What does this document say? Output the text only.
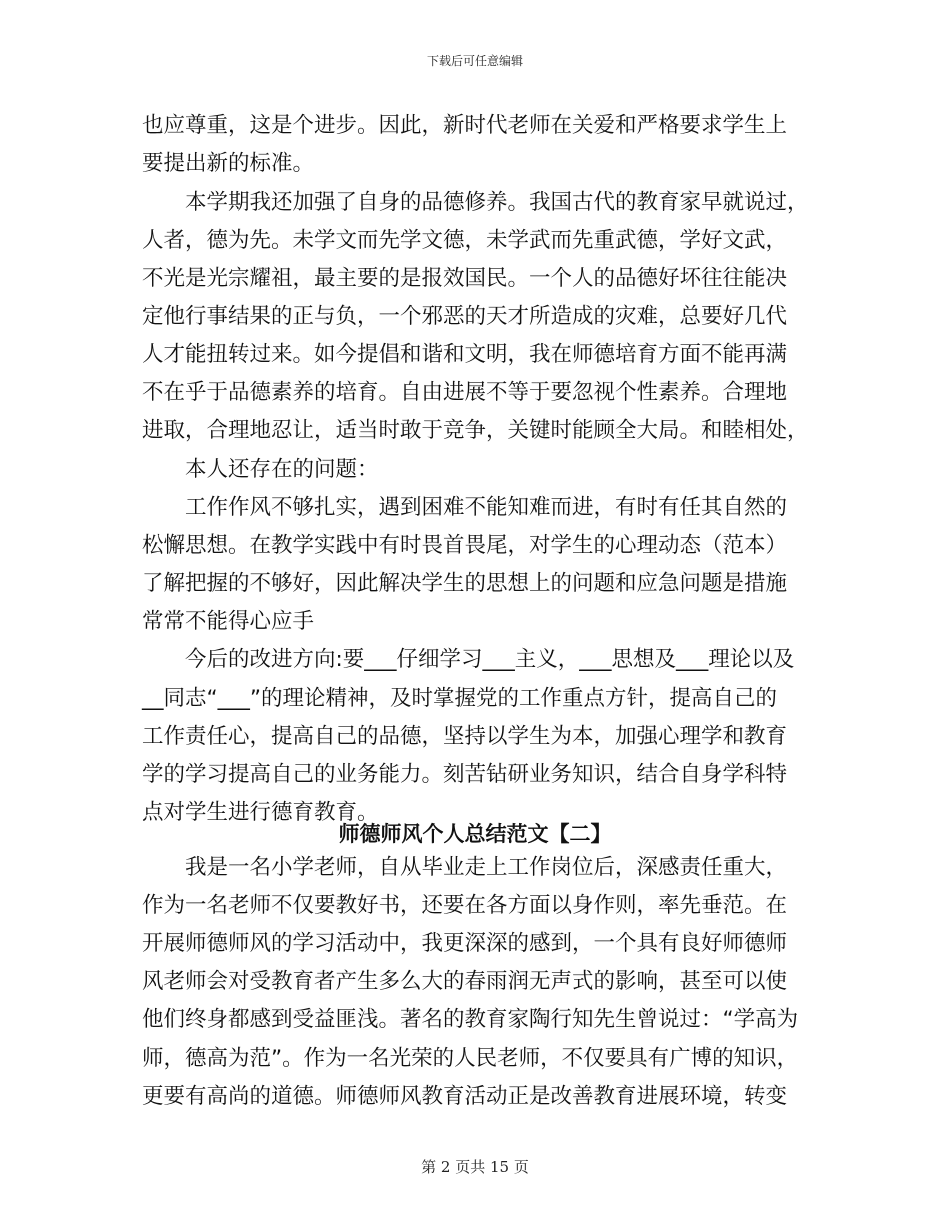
下载后可任意编辑
也应尊重，这是个进步。因此，新时代老师在关爱和严格要求学生上
要提出新的标准。
本学期我还加强了自身的品德修养。我国古代的教育家早就说过，
人者，德为先。未学文而先学文德，未学武而先重武德，学好文武，
不光是光宗耀祖，最主要的是报效国民。一个人的品德好坏往往能决
定他行事结果的正与负，一个邪恶的天才所造成的灾难，总要好几代
人才能扭转过来。如今提倡和谐和文明，我在师德培育方面不能再满
不在乎于品德素养的培育。自由进展不等于要忽视个性素养。合理地
进取，合理地忍让，适当时敢于竞争，关键时能顾全大局。和睦相处，
本人还存在的问题：
工作作风不够扎实，遇到困难不能知难而进，有时有任其自然的
松懈思想。在教学实践中有时畏首畏尾，对学生的心理动态（范本）
了解把握的不够好，因此解决学生的思想上的问题和应急问题是措施
常常不能得心应手
今后的改进方向:要___仔细学习___主义，___思想及___理论以及
__同志“___”的理论精神，及时掌握党的工作重点方针，提高自己的
工作责任心，提高自己的品德，坚持以学生为本，加强心理学和教育
学的学习提高自己的业务能力。刻苦钻研业务知识，结合自身学科特
点对学生进行德育教育。
师德师风个人总结范文【二】
我是一名小学老师，自从毕业走上工作岗位后，深感责任重大，
作为一名老师不仅要教好书，还要在各方面以身作则，率先垂范。在
开展师德师风的学习活动中，我更深深的感到，一个具有良好师德师
风老师会对受教育者产生多么大的春雨润无声式的影响，甚至可以使
他们终身都感到受益匪浅。著名的教育家陶行知先生曾说过：“学高为
师，德高为范”。作为一名光荣的人民老师，不仅要具有广博的知识，
更要有高尚的道德。师德师风教育活动正是改善教育进展环境，转变
第 2 页共 15 页
